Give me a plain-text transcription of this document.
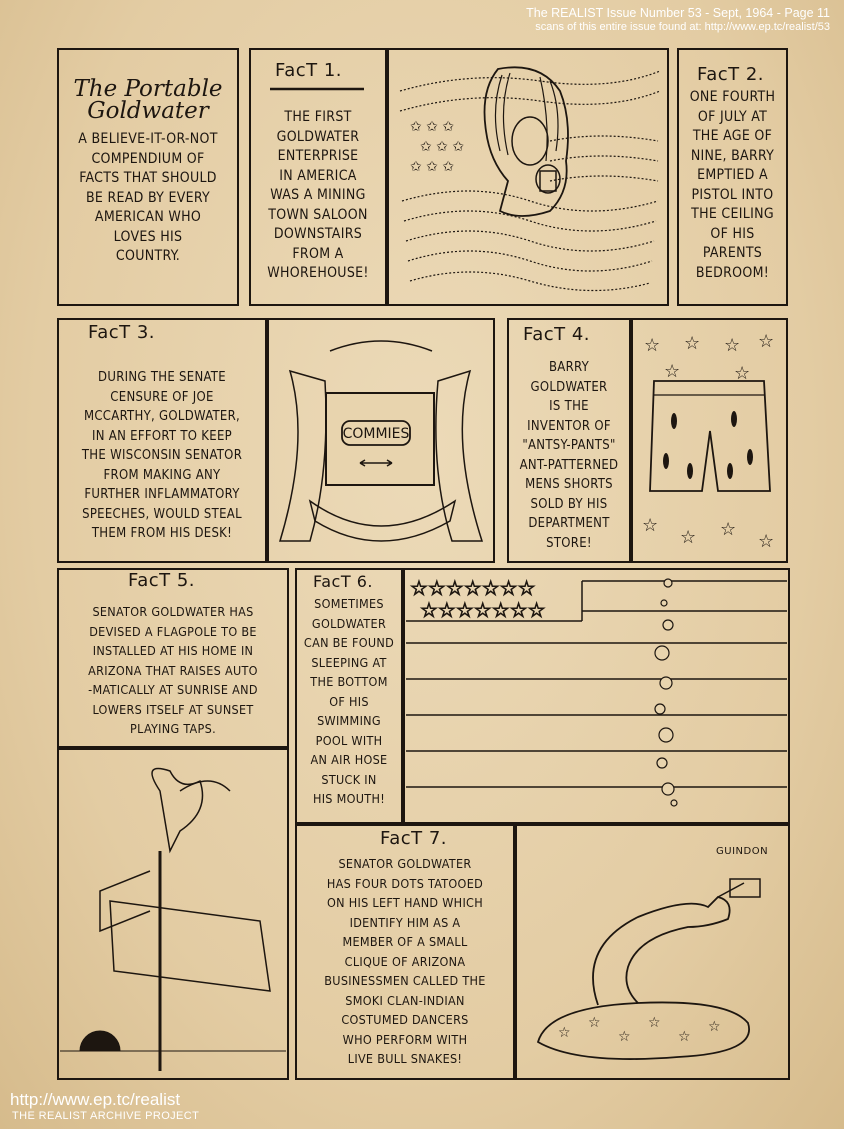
The REALIST Issue Number 53 - Sept, 1964 - Page 11
scans of this entire issue found at: http://www.ep.tc/realist/53
The Portable
Goldwater
A BELIEVE-IT-OR-NOT
COMPENDIUM OF
FACTS THAT SHOULD
BE READ BY EVERY
AMERICAN WHO
LOVES HIS
COUNTRY.
FacT 1.
THE FIRST
GOLDWATER
ENTERPRISE
IN AMERICA
WAS A MINING
TOWN SALOON
DOWNSTAIRS
FROM A
WHOREHOUSE!
✩ ✩ ✩
✩ ✩ ✩
✩ ✩ ✩
FacT 2.
ONE FOURTH
OF JULY AT
THE AGE OF
NINE, BARRY
EMPTIED A
PISTOL INTO
THE CEILING
OF HIS
PARENTS
BEDROOM!
FacT 3.
DURING THE SENATE
CENSURE OF JOE
MCCARTHY, GOLDWATER,
IN AN EFFORT TO KEEP
THE WISCONSIN SENATOR
FROM MAKING ANY
FURTHER INFLAMMATORY
SPEECHES, WOULD STEAL
THEM FROM HIS DESK!
COMMIES
FacT 4.
BARRY
GOLDWATER
IS THE
INVENTOR OF
"ANTSY-PANTS"
ANT-PATTERNED
MENS SHORTS
SOLD BY HIS
DEPARTMENT
STORE!
☆ ☆ ☆ ☆
☆	☆
☆
☆ ☆
☆
FacT 5.
SENATOR GOLDWATER HAS
DEVISED A FLAGPOLE TO BE
INSTALLED AT HIS HOME IN
ARIZONA THAT RAISES AUTO
-MATICALLY AT SUNRISE AND
LOWERS ITSELF AT SUNSET
PLAYING TAPS.
FacT 6.
SOMETIMES
GOLDWATER
CAN BE FOUND
SLEEPING AT
THE BOTTOM
OF HIS
SWIMMING
POOL WITH
AN AIR HOSE
STUCK IN
HIS MOUTH!
☆☆☆☆☆☆☆
☆☆☆☆☆☆☆
FacT 7.
SENATOR GOLDWATER
HAS FOUR DOTS TATOOED
ON HIS LEFT HAND WHICH
IDENTIFY HIM AS A
MEMBER OF A SMALL
CLIQUE OF ARIZONA
BUSINESSMEN CALLED THE
SMOKI CLAN-INDIAN
COSTUMED DANCERS
WHO PERFORM WITH
LIVE BULL SNAKES!
GUINDON
☆
☆
☆
☆
☆
☆
http://www.ep.tc/realist
THE REALIST ARCHIVE PROJECT
